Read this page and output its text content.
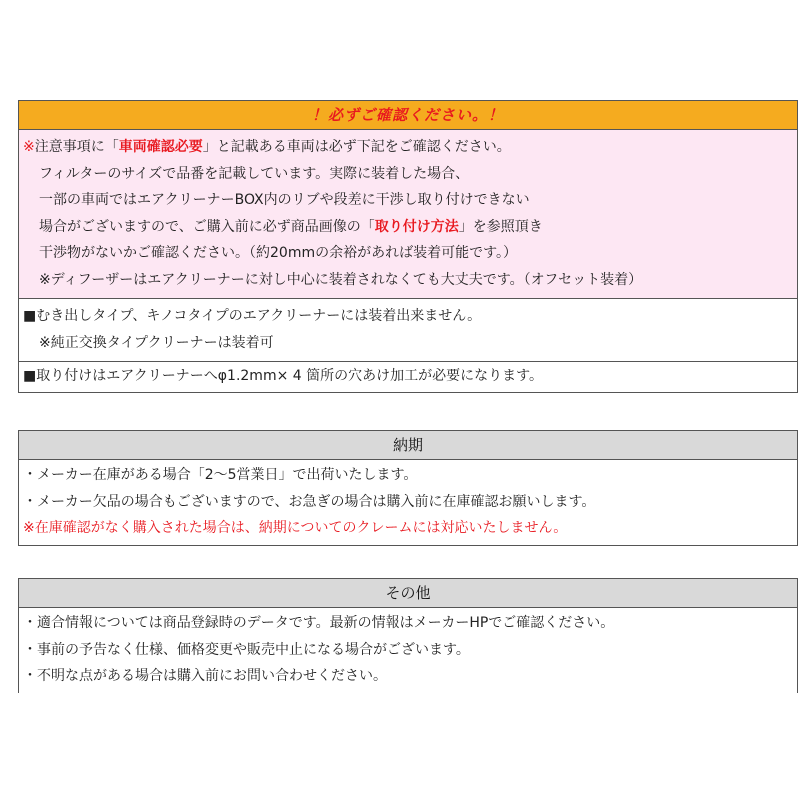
！必ずご確認ください。！
※注意事項に「車両確認必要」と記載ある車両は必ず下記をご確認ください。
フィルターのサイズで品番を記載しています。実際に装着した場合、
一部の車両ではエアクリーナーBOX内のリブや段差に干渉し取り付けできない
場合がございますので、ご購入前に必ず商品画像の「取り付け方法」を参照頂き
干渉物がないかご確認ください。（約20mmの余裕があれば装着可能です。）
※ディフーザーはエアクリーナーに対し中心に装着されなくても大丈夫です。（オフセット装着）
■むき出しタイプ、キノコタイプのエアクリーナーには装着出来ません。
※純正交換タイプクリーナーは装着可
■取り付けはエアクリーナーへφ1.2mm× 4 箇所の穴あけ加工が必要になります。
納期
・メーカー在庫がある場合「2〜5営業日」で出荷いたします。
・メーカー欠品の場合もございますので、お急ぎの場合は購入前に在庫確認お願いします。
※在庫確認がなく購入された場合は、納期についてのクレームには対応いたしません。
その他
・適合情報については商品登録時のデータです。最新の情報はメーカーHPでご確認ください。
・事前の予告なく仕様、価格変更や販売中止になる場合がございます。
・不明な点がある場合は購入前にお問い合わせください。
